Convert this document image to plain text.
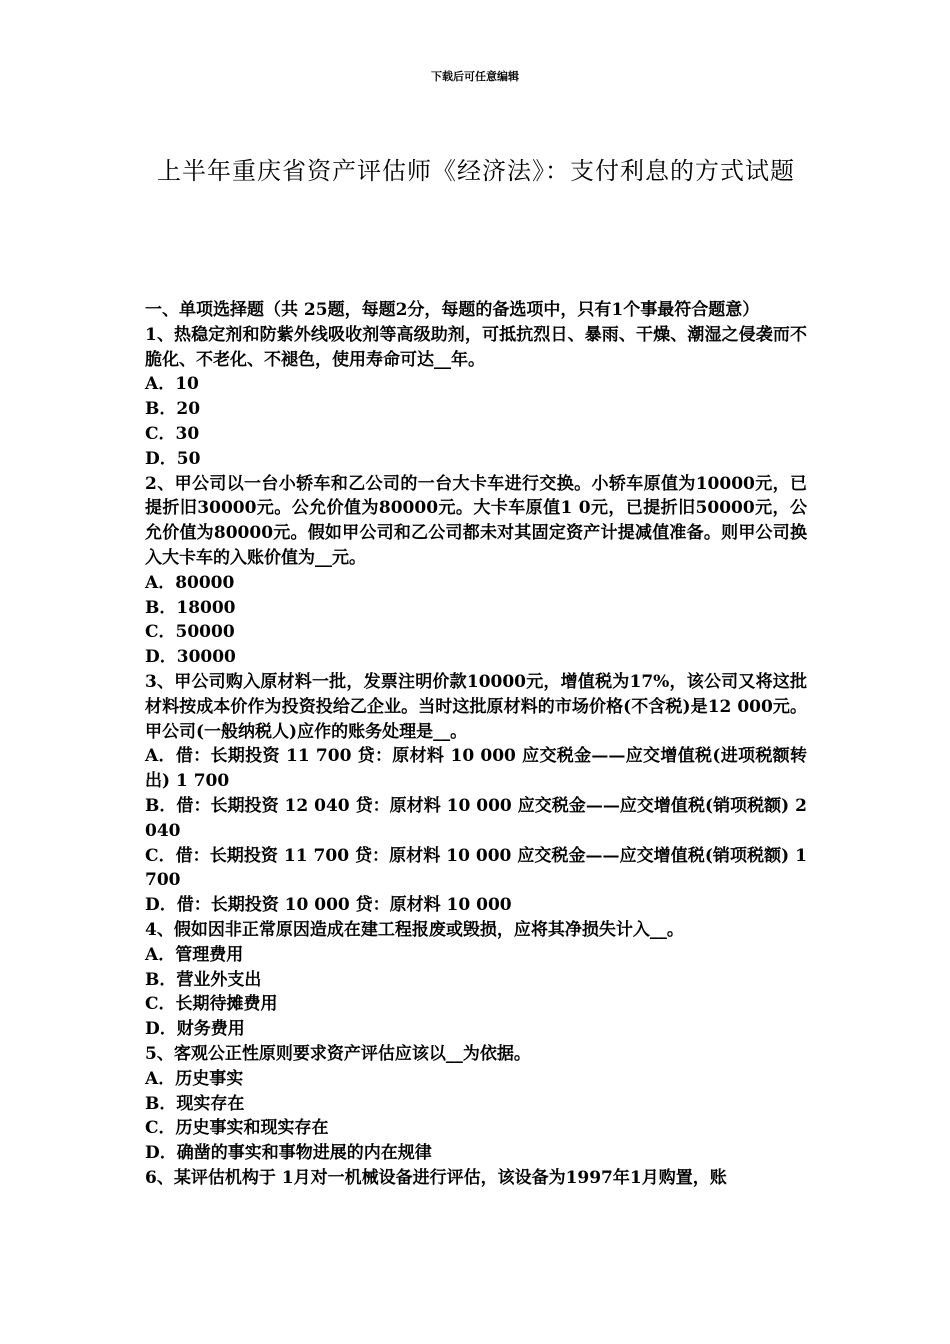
下载后可任意编辑
上半年重庆省资产评估师《经济法》：支付利息的方式试题

一、单项选择题（共 25题，每题2分，每题的备选项中，只有1个事最符合题意）

1、热稳定剂和防紫外线吸收剂等高级助剂，可抵抗烈日、暴雨、干燥、潮湿之侵袭而不脆化、不老化、不褪色，使用寿命可达__年。

A．10

B．20

C．30

D．50

2、甲公司以一台小轿车和乙公司的一台大卡车进行交换。小轿车原值为10000元，已提折旧30000元。公允价值为80000元。大卡车原值1 0元，已提折旧50000元，公允价值为80000元。假如甲公司和乙公司都未对其固定资产计提减值准备。则甲公司换入大卡车的入账价值为__元。

A．80000

B．18000

C．50000

D．30000

3、甲公司购入原材料一批，发票注明价款10000元，增值税为17%，该公司又将这批材料按成本价作为投资投给乙企业。当时这批原材料的市场价格(不含税)是12 000元。甲公司(一般纳税人)应作的账务处理是__。

A．借：长期投资 11 700 贷：原材料 10 000 应交税金——应交增值税(进项税额转出) 1 700

B．借：长期投资 12 040 贷：原材料 10 000 应交税金——应交增值税(销项税额) 2 040

C．借：长期投资 11 700 贷：原材料 10 000 应交税金——应交增值税(销项税额) 1 700

D．借：长期投资 10 000 贷：原材料 10 000

4、假如因非正常原因造成在建工程报废或毁损，应将其净损失计入__。

A．管理费用

B．营业外支出

C．长期待摊费用

D．财务费用

5、客观公正性原则要求资产评估应该以__为依据。

A．历史事实

B．现实存在

C．历史事实和现实存在

D．确凿的事实和事物进展的内在规律

6、某评估机构于 1月对一机械设备进行评估，该设备为1997年1月购置，账
